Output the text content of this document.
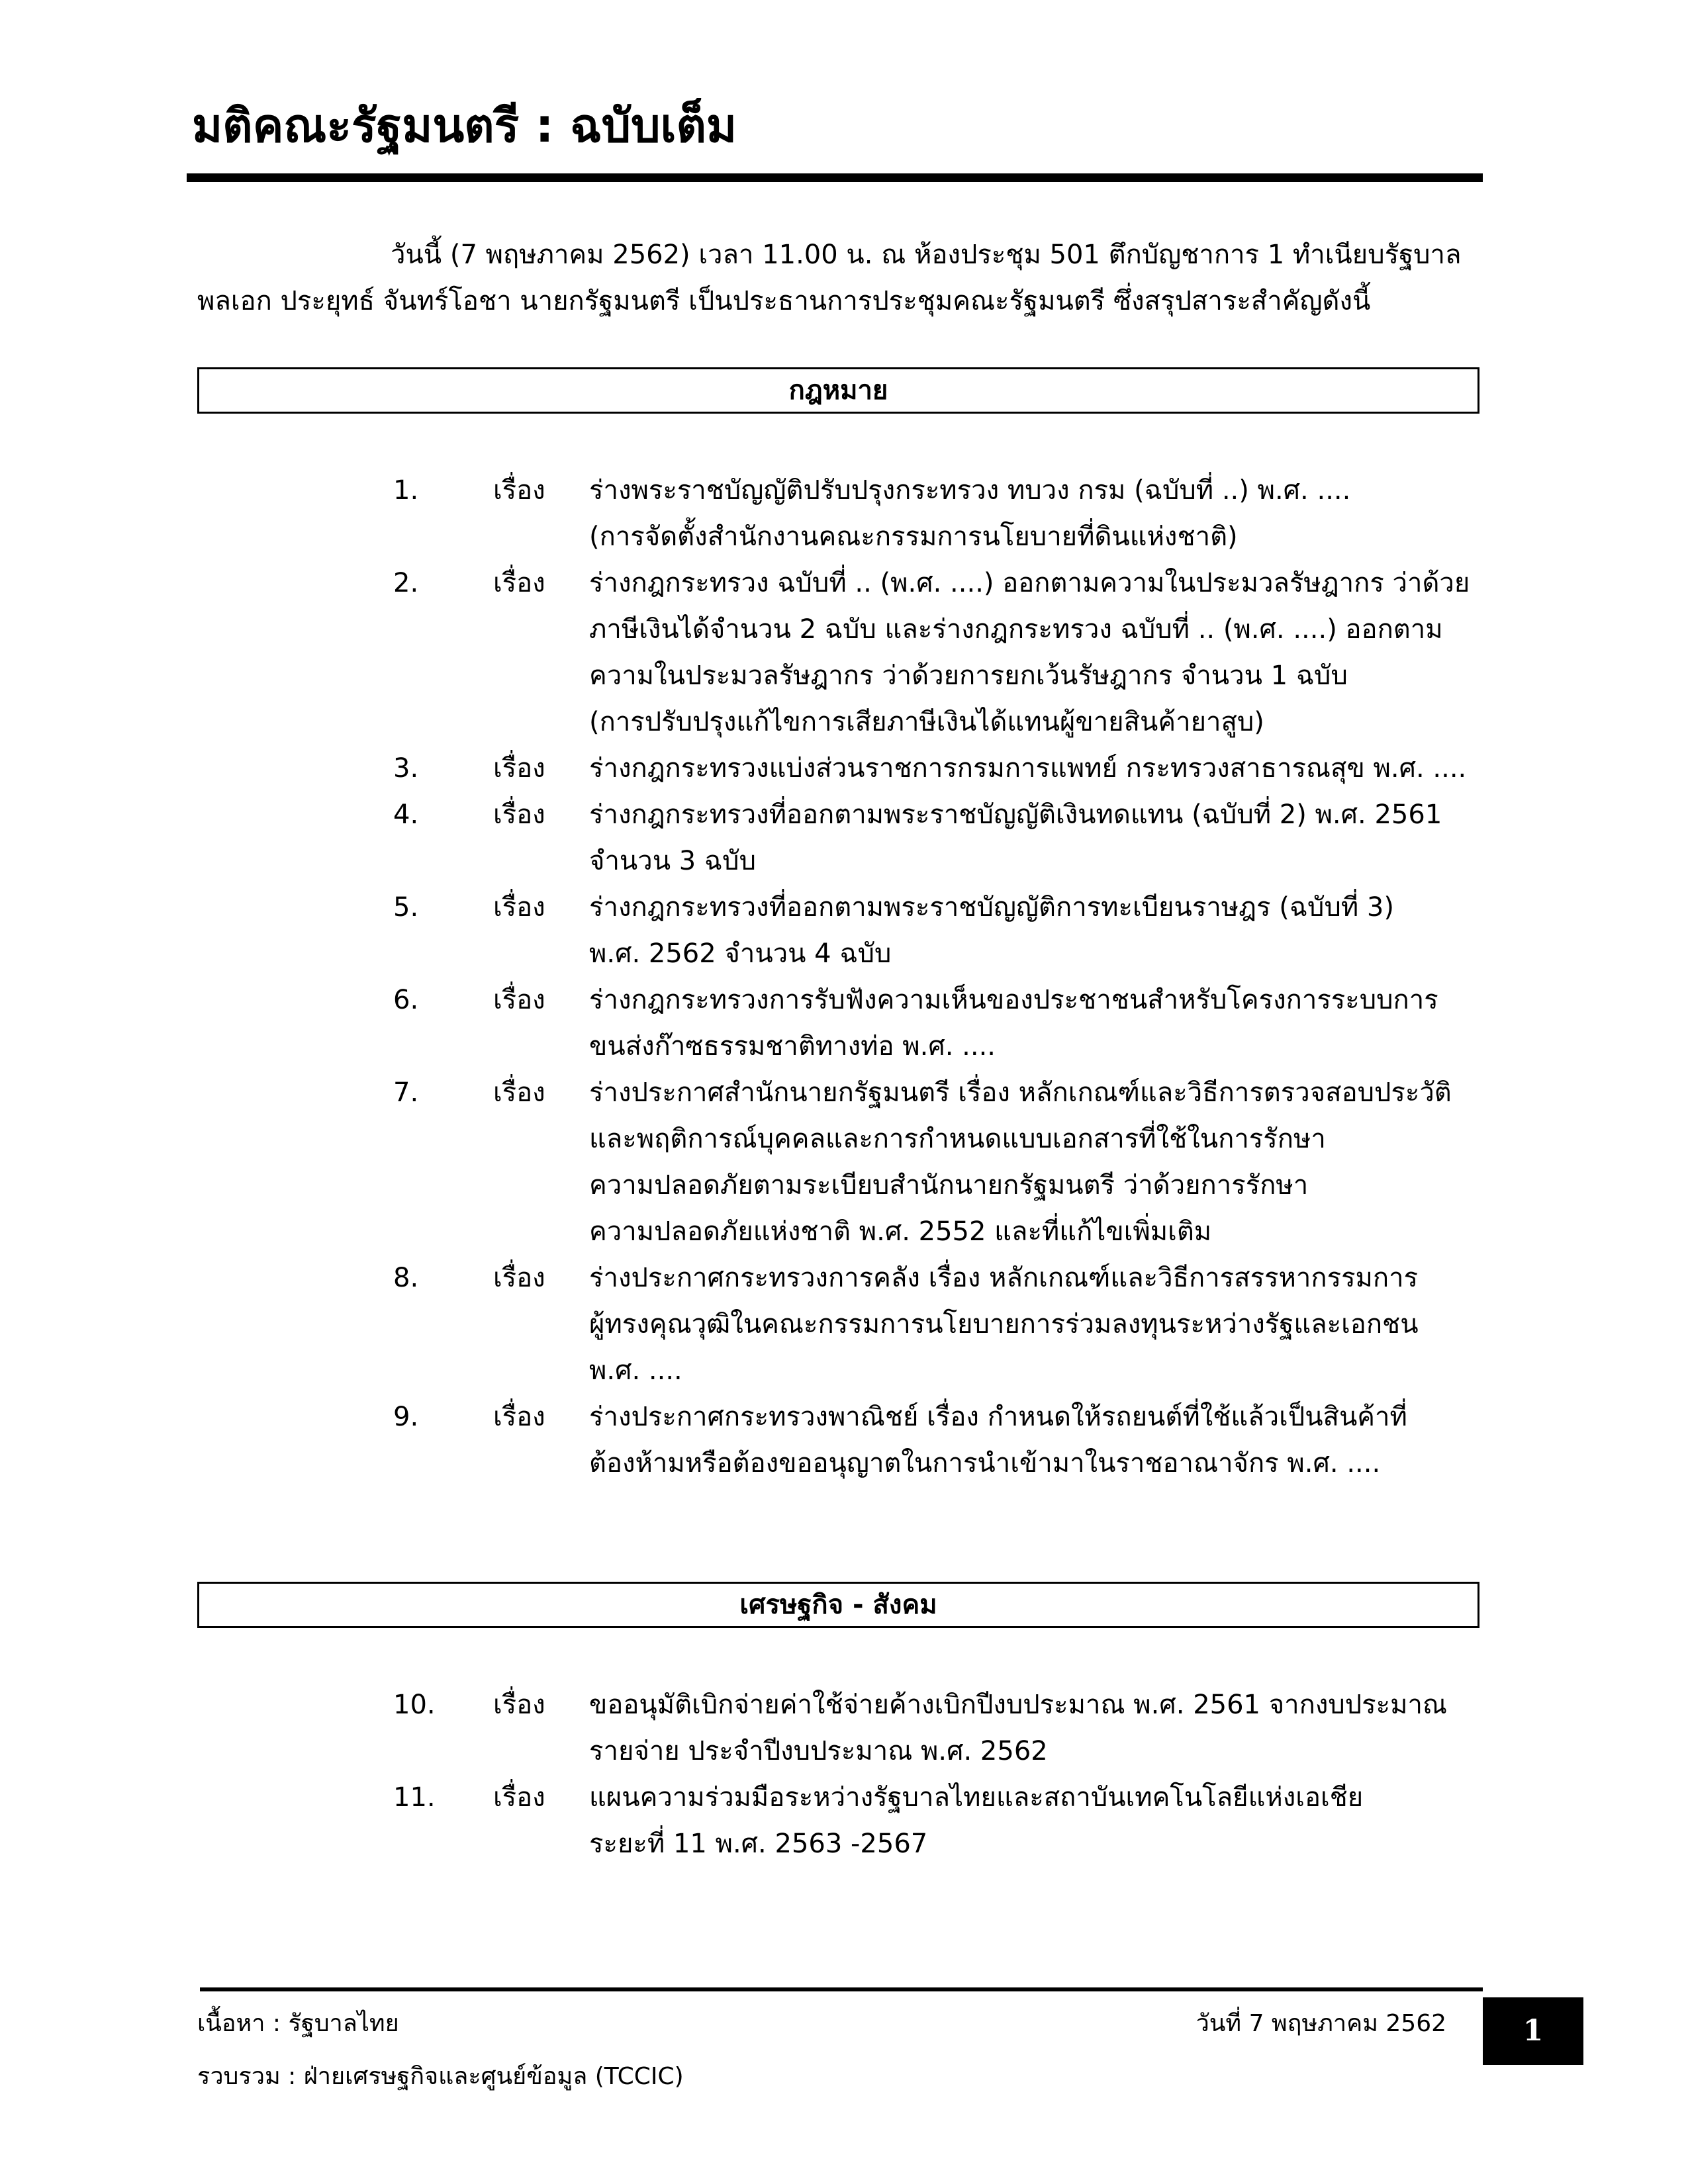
มติคณะรัฐมนตรี : ฉบับเต็ม
วันนี้ (7 พฤษภาคม 2562) เวลา 11.00 น. ณ ห้องประชุม 501 ตึกบัญชาการ 1 ทำเนียบรัฐบาล
พลเอก ประยุทธ์ จันทร์โอชา นายกรัฐมนตรี เป็นประธานการประชุมคณะรัฐมนตรี ซึ่งสรุปสาระสำคัญดังนี้
กฎหมาย
1.	เรื่อง ร่างพระราชบัญญัติปรับปรุงกระทรวง ทบวง กรม (ฉบับที่ ..) พ.ศ. ....
(การจัดตั้งสำนักงานคณะกรรมการนโยบายที่ดินแห่งชาติ)
2.	เรื่อง ร่างกฎกระทรวง ฉบับที่ .. (พ.ศ. ....) ออกตามความในประมวลรัษฎากร ว่าด้วย
ภาษีเงินได้จำนวน 2 ฉบับ และร่างกฎกระทรวง ฉบับที่ .. (พ.ศ. ....) ออกตาม
ความในประมวลรัษฎากร ว่าด้วยการยกเว้นรัษฎากร จำนวน 1 ฉบับ
(การปรับปรุงแก้ไขการเสียภาษีเงินได้แทนผู้ขายสินค้ายาสูบ)
3.	เรื่อง ร่างกฎกระทรวงแบ่งส่วนราชการกรมการแพทย์ กระทรวงสาธารณสุข พ.ศ. ....
4.	เรื่อง ร่างกฎกระทรวงที่ออกตามพระราชบัญญัติเงินทดแทน (ฉบับที่ 2) พ.ศ. 2561
จำนวน 3 ฉบับ
5.	เรื่อง ร่างกฎกระทรวงที่ออกตามพระราชบัญญัติการทะเบียนราษฎร (ฉบับที่ 3)
พ.ศ. 2562 จำนวน 4 ฉบับ
6.	เรื่อง ร่างกฎกระทรวงการรับฟังความเห็นของประชาชนสำหรับโครงการระบบการ
ขนส่งก๊าซธรรมชาติทางท่อ พ.ศ. ....
7.	เรื่อง ร่างประกาศสำนักนายกรัฐมนตรี เรื่อง หลักเกณฑ์และวิธีการตรวจสอบประวัติ
และพฤติการณ์บุคคลและการกำหนดแบบเอกสารที่ใช้ในการรักษา
ความปลอดภัยตามระเบียบสำนักนายกรัฐมนตรี ว่าด้วยการรักษา
ความปลอดภัยแห่งชาติ พ.ศ. 2552 และที่แก้ไขเพิ่มเติม
8.	เรื่อง ร่างประกาศกระทรวงการคลัง เรื่อง หลักเกณฑ์และวิธีการสรรหากรรมการ
ผู้ทรงคุณวุฒิในคณะกรรมการนโยบายการร่วมลงทุนระหว่างรัฐและเอกชน
พ.ศ. ....
9.	เรื่อง ร่างประกาศกระทรวงพาณิชย์ เรื่อง กำหนดให้รถยนต์ที่ใช้แล้วเป็นสินค้าที่
ต้องห้ามหรือต้องขออนุญาตในการนำเข้ามาในราชอาณาจักร พ.ศ. ....
เศรษฐกิจ - สังคม
10. เรื่อง ขออนุมัติเบิกจ่ายค่าใช้จ่ายค้างเบิกปีงบประมาณ พ.ศ. 2561 จากงบประมาณ
รายจ่าย ประจำปีงบประมาณ พ.ศ. 2562
11. เรื่อง แผนความร่วมมือระหว่างรัฐบาลไทยและสถาบันเทคโนโลยีแห่งเอเชีย
ระยะที่ 11 พ.ศ. 2563 -2567
เนื้อหา : รัฐบาลไทย
รวบรวม : ฝ่ายเศรษฐกิจและศูนย์ข้อมูล (TCCIC)
วันที่ 7 พฤษภาคม 2562	1
